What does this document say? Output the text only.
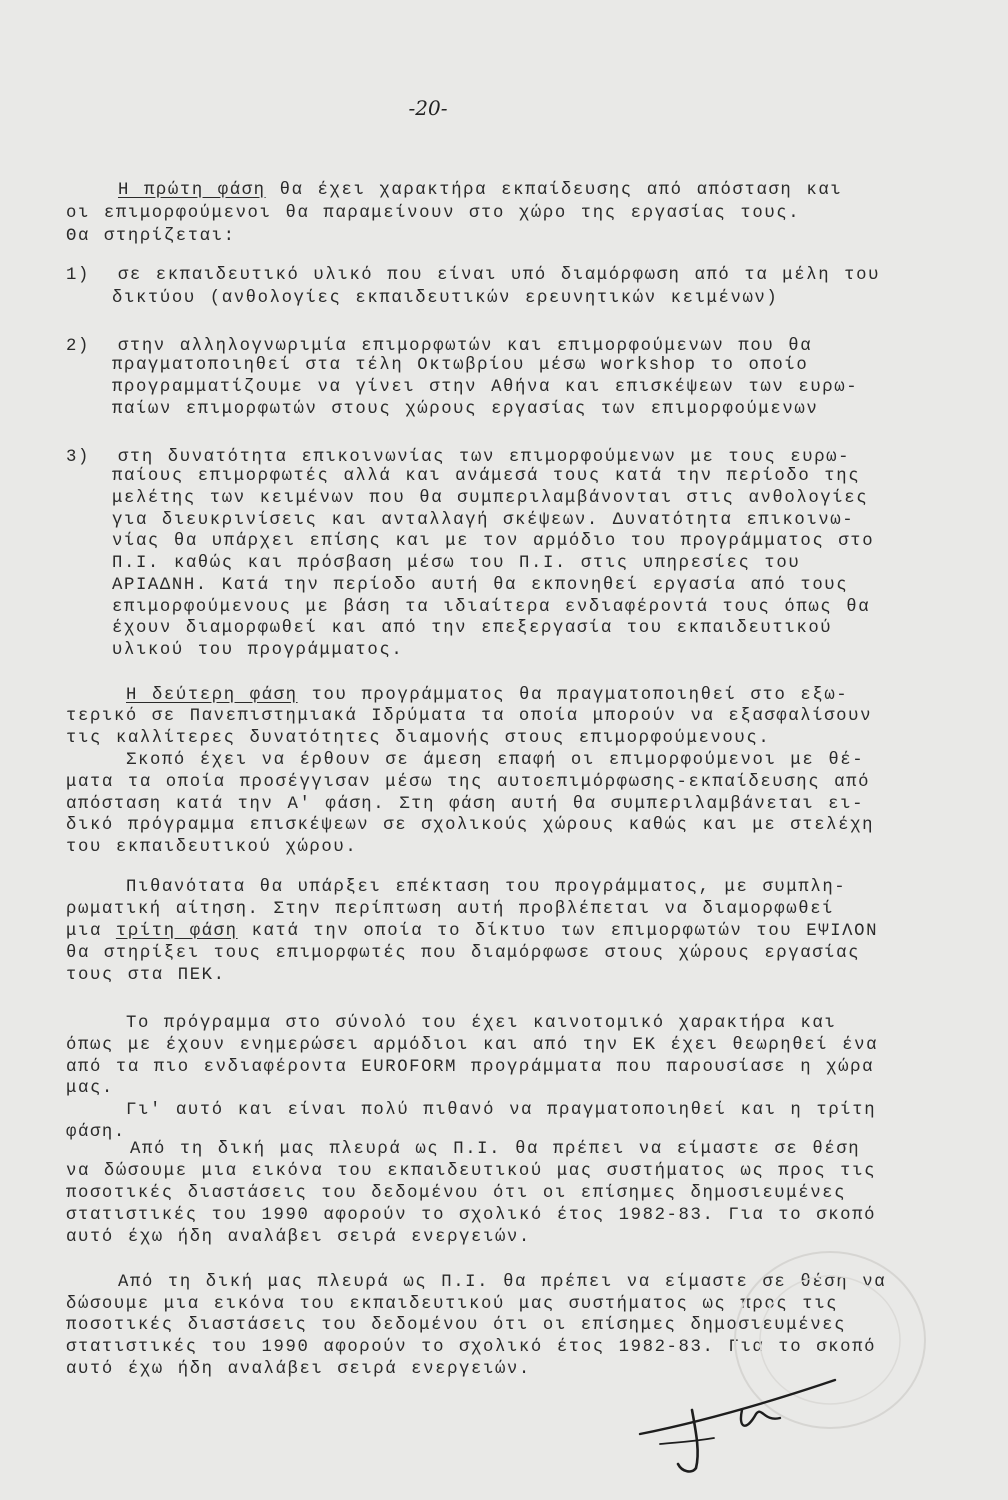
-20-
Η πρώτη φάση θα έχει χαρακτήρα εκπαίδευσης από απόσταση και
οι επιμορφούμενοι θα παραμείνουν στο χώρο της εργασίας τους.
Θα στηρίζεται:
1)  σε εκπαιδευτικό υλικό που είναι υπό διαμόρφωση από τα μέλη του
δικτύου (ανθολογίες εκπαιδευτικών ερευνητικών κειμένων)
2)  στην αλληλογνωριμία επιμορφωτών και επιμορφούμενων που θα
πραγματοποιηθεί στα τέλη Οκτωβρίου μέσω workshop το οποίο
προγραμματίζουμε να γίνει στην Αθήνα και επισκέψεων των ευρω-
παίων επιμορφωτών στους χώρους εργασίας των επιμορφούμενων
3)  στη δυνατότητα επικοινωνίας των επιμορφούμενων με τους ευρω-
παίους επιμορφωτές αλλά και ανάμεσά τους κατά την περίοδο της
μελέτης των κειμένων που θα συμπεριλαμβάνονται στις ανθολογίες
για διευκρινίσεις και ανταλλαγή σκέψεων. Δυνατότητα επικοινω-
νίας θα υπάρχει επίσης και με τον αρμόδιο του προγράμματος στο
Π.Ι. καθώς και πρόσβαση μέσω του Π.Ι. στις υπηρεσίες του
ΑΡΙΑΔΝΗ. Κατά την περίοδο αυτή θα εκπονηθεί εργασία από τους
επιμορφούμενους με βάση τα ιδιαίτερα ενδιαφέροντά τους όπως θα
έχουν διαμορφωθεί και από την επεξεργασία του εκπαιδευτικού
υλικού του προγράμματος.
Η δεύτερη φάση του προγράμματος θα πραγματοποιηθεί στο εξω-
τερικό σε Πανεπιστημιακά Ιδρύματα τα οποία μπορούν να εξασφαλίσουν
τις καλλίτερες δυνατότητες διαμονής στους επιμορφούμενους.
Σκοπό έχει να έρθουν σε άμεση επαφή οι επιμορφούμενοι με θέ-
ματα τα οποία προσέγγισαν μέσω της αυτοεπιμόρφωσης-εκπαίδευσης από
απόσταση κατά την Α' φάση. Στη φάση αυτή θα συμπεριλαμβάνεται ει-
δικό πρόγραμμα επισκέψεων σε σχολικούς χώρους καθώς και με στελέχη
του εκπαιδευτικού χώρου.
Πιθανότατα θα υπάρξει επέκταση του προγράμματος, με συμπλη-
ρωματική αίτηση. Στην περίπτωση αυτή προβλέπεται να διαμορφωθεί
μια τρίτη φάση κατά την οποία το δίκτυο των επιμορφωτών του ΕΨΙΛΟΝ
θα στηρίξει τους επιμορφωτές που διαμόρφωσε στους χώρους εργασίας
τους στα ΠΕΚ.
Το πρόγραμμα στο σύνολό του έχει καινοτομικό χαρακτήρα και
όπως με έχουν ενημερώσει αρμόδιοι και από την ΕΚ έχει θεωρηθεί ένα
από τα πιο ενδιαφέροντα EUROFORM προγράμματα που παρουσίασε η χώρα
μας.
Γι' αυτό και είναι πολύ πιθανό να πραγματοποιηθεί και η τρίτη
φάση.
Από τη δική μας πλευρά ως Π.Ι. θα πρέπει να είμαστε σε θέση
να δώσουμε μια εικόνα του εκπαιδευτικού μας συστήματος ως προς τις
ποσοτικές διαστάσεις του δεδομένου ότι οι επίσημες δημοσιευμένες
στατιστικές του 1990 αφορούν το σχολικό έτος 1982-83. Για το σκοπό
αυτό έχω ήδη αναλάβει σειρά ενεργειών.
Από τη δική μας πλευρά ως Π.Ι. θα πρέπει να είμαστε σε θέση να
δώσουμε μια εικόνα του εκπαιδευτικού μας συστήματος ως προς τις
ποσοτικές διαστάσεις του δεδομένου ότι οι επίσημες δημοσιευμένες
στατιστικές του 1990 αφορούν το σχολικό έτος 1982-83. Για το σκοπό
αυτό έχω ήδη αναλάβει σειρά ενεργειών.
